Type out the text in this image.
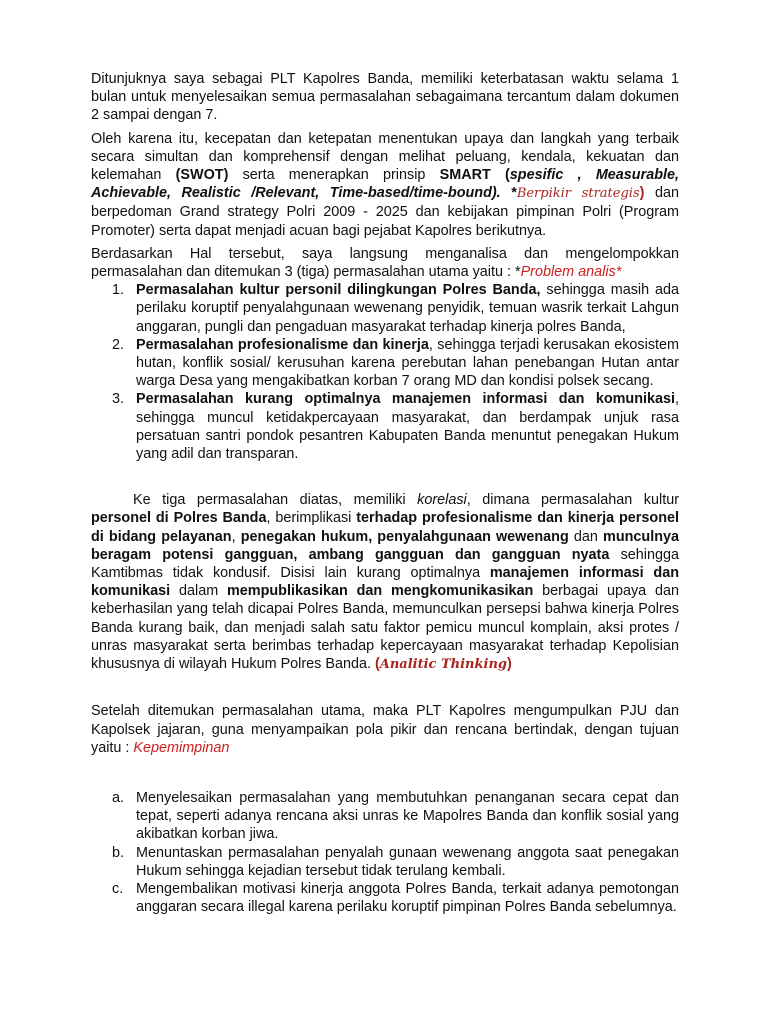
Ditunjuknya saya sebagai PLT Kapolres Banda, memiliki keterbatasan waktu selama 1 bulan untuk menyelesaikan semua permasalahan sebagaimana tercantum dalam dokumen 2 sampai dengan 7.

Oleh karena itu, kecepatan dan ketepatan menentukan upaya dan langkah yang terbaik secara simultan dan komprehensif dengan melihat peluang, kendala, kekuatan dan kelemahan (SWOT) serta menerapkan prinsip SMART (spesific , Measurable, Achievable, Realistic /Relevant, Time-based/time-bound). *Berpikir strategis) dan berpedoman Grand strategy Polri 2009 - 2025 dan kebijakan pimpinan Polri (Program Promoter) serta dapat menjadi acuan bagi pejabat Kapolres berikutnya.

Berdasarkan Hal tersebut, saya langsung menganalisa dan mengelompokkan permasalahan dan ditemukan 3 (tiga) permasalahan utama yaitu : *Problem analis*

1. Permasalahan kultur personil dilingkungan Polres Banda, sehingga masih ada perilaku koruptif penyalahgunaan wewenang penyidik, temuan wasrik terkait Lahgun anggaran, pungli dan pengaduan masyarakat terhadap kinerja polres Banda,
2. Permasalahan profesionalisme dan kinerja, sehingga terjadi kerusakan ekosistem hutan, konflik sosial/ kerusuhan karena perebutan lahan penebangan Hutan antar warga Desa yang mengakibatkan korban 7 orang MD dan kondisi polsek secang.
3. Permasalahan kurang optimalnya manajemen informasi dan komunikasi, sehingga muncul ketidakpercayaan masyarakat, dan berdampak unjuk rasa persatuan santri pondok pesantren Kabupaten Banda menuntut penegakan Hukum yang adil dan transparan.

Ke tiga permasalahan diatas, memiliki korelasi, dimana permasalahan kultur personel di Polres Banda, berimplikasi terhadap profesionalisme dan kinerja personel di bidang pelayanan, penegakan hukum, penyalahgunaan wewenang dan munculnya beragam potensi gangguan, ambang gangguan dan gangguan nyata sehingga Kamtibmas tidak kondusif. Disisi lain kurang optimalnya manajemen informasi dan komunikasi dalam mempublikasikan dan mengkomunikasikan berbagai upaya dan keberhasilan yang telah dicapai Polres Banda, memunculkan persepsi bahwa kinerja Polres Banda kurang baik, dan menjadi salah satu faktor pemicu muncul komplain, aksi protes / unras masyarakat serta berimbas terhadap kepercayaan masyarakat terhadap Kepolisian khususnya di wilayah Hukum Polres Banda. (Analitic Thinking)

Setelah ditemukan permasalahan utama, maka PLT Kapolres mengumpulkan PJU dan Kapolsek jajaran, guna menyampaikan pola pikir dan rencana bertindak, dengan tujuan yaitu : Kepemimpinan

a. Menyelesaikan permasalahan yang membutuhkan penanganan secara cepat dan tepat, seperti adanya rencana aksi unras ke Mapolres Banda dan konflik sosial yang akibatkan korban jiwa.
b. Menuntaskan permasalahan penyalah gunaan wewenang anggota saat penegakan Hukum sehingga kejadian tersebut tidak terulang kembali.
c. Mengembalikan motivasi kinerja anggota Polres Banda, terkait adanya pemotongan anggaran secara illegal karena perilaku koruptif pimpinan Polres Banda sebelumnya.
